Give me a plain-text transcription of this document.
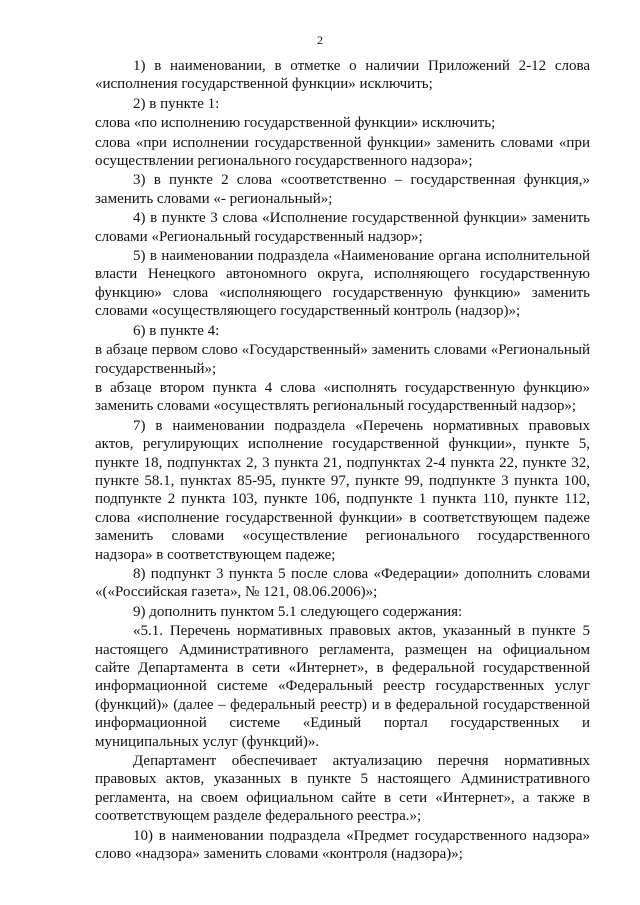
2

1) в наименовании, в отметке о наличии Приложений 2-12 слова «исполнения государственной функции» исключить;

2) в пункте 1:

слова «по исполнению государственной функции» исключить;

слова «при исполнении государственной функции» заменить словами «при осуществлении регионального государственного надзора»;

3) в пункте 2 слова «соответственно – государственная функция,» заменить словами «- региональный»;

4) в пункте 3 слова «Исполнение государственной функции» заменить словами «Региональный государственный надзор»;

5) в наименовании подраздела «Наименование органа исполнительной власти Ненецкого автономного округа, исполняющего государственную функцию» слова «исполняющего государственную функцию» заменить словами «осуществляющего государственный контроль (надзор)»;

6) в пункте 4:

в абзаце первом слово «Государственный» заменить словами «Региональный государственный»;

в абзаце втором пункта 4 слова «исполнять государственную функцию» заменить словами «осуществлять региональный государственный надзор»;

7) в наименовании подраздела «Перечень нормативных правовых актов, регулирующих исполнение государственной функции», пункте 5, пункте 18, подпунктах 2, 3 пункта 21, подпунктах 2-4 пункта 22, пункте 32, пункте 58.1, пунктах 85-95, пункте 97, пункте 99, подпункте 3 пункта 100, подпункте 2 пункта 103, пункте 106, подпункте 1 пункта 110, пункте 112, слова «исполнение государственной функции» в соответствующем падеже заменить словами «осуществление регионального государственного надзора» в соответствующем падеже;

8) подпункт 3 пункта 5 после слова «Федерации» дополнить словами «(«Российская газета», № 121, 08.06.2006)»;

9) дополнить пунктом 5.1 следующего содержания:

«5.1. Перечень нормативных правовых актов, указанный в пункте 5 настоящего Административного регламента, размещен на официальном сайте Департамента в сети «Интернет», в федеральной государственной информационной системе «Федеральный реестр государственных услуг (функций)» (далее – федеральный реестр) и в федеральной государственной информационной системе «Единый портал государственных и муниципальных услуг (функций)».

Департамент обеспечивает актуализацию перечня нормативных правовых актов, указанных в пункте 5 настоящего Административного регламента, на своем официальном сайте в сети «Интернет», а также в соответствующем разделе федерального реестра.»;

10) в наименовании подраздела «Предмет государственного надзора» слово «надзора» заменить словами «контроля (надзора)»;
